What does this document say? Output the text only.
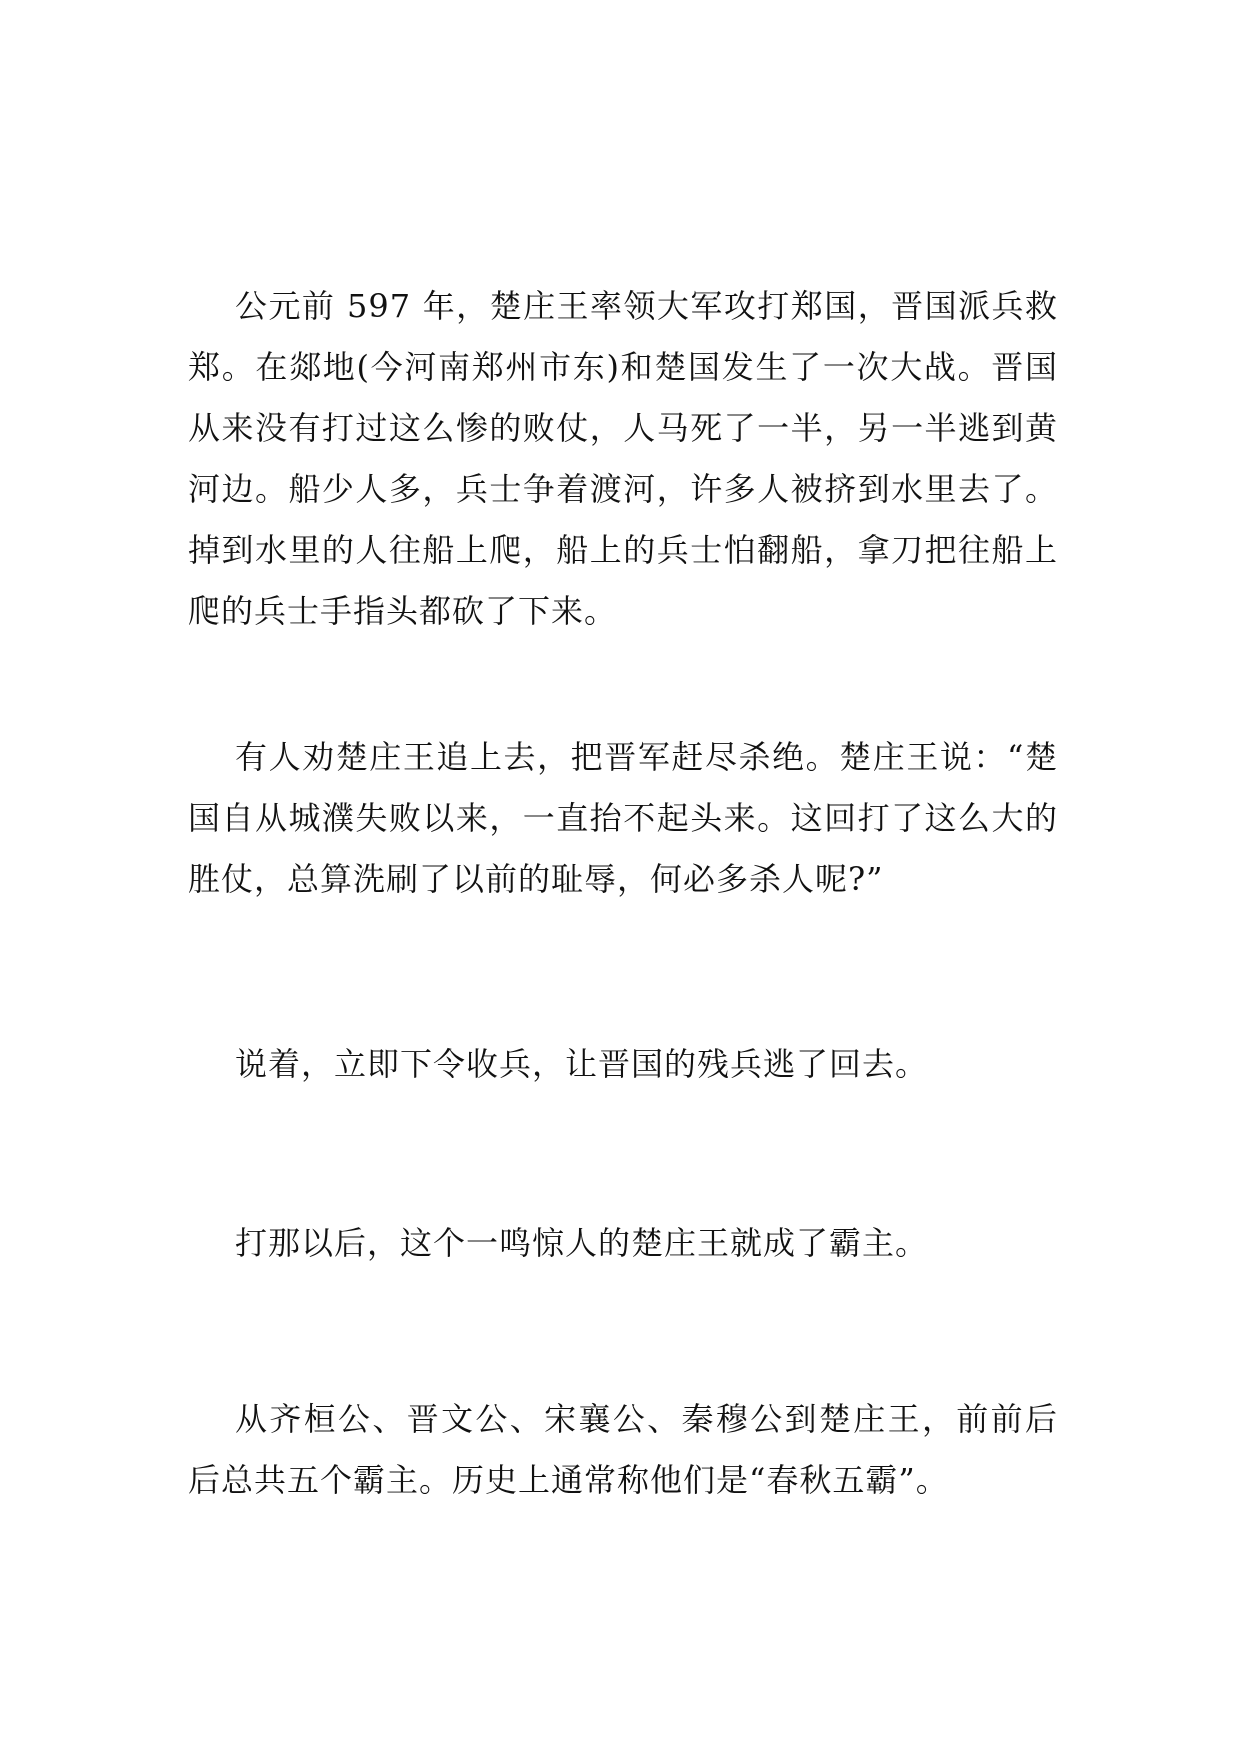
公元前 597 年，楚庄王率领大军攻打郑国，晋国派兵救郑。在郯地(今河南郑州市东)和楚国发生了一次大战。晋国从来没有打过这么惨的败仗，人马死了一半，另一半逃到黄河边。船少人多，兵士争着渡河，许多人被挤到水里去了。掉到水里的人往船上爬，船上的兵士怕翻船，拿刀把往船上爬的兵士手指头都砍了下来。

有人劝楚庄王追上去，把晋军赶尽杀绝。楚庄王说：“楚国自从城濮失败以来，一直抬不起头来。这回打了这么大的胜仗，总算洗刷了以前的耻辱，何必多杀人呢?”

说着，立即下令收兵，让晋国的残兵逃了回去。

打那以后，这个一鸣惊人的楚庄王就成了霸主。

从齐桓公、晋文公、宋襄公、秦穆公到楚庄王，前前后后总共五个霸主。历史上通常称他们是“春秋五霸”。
